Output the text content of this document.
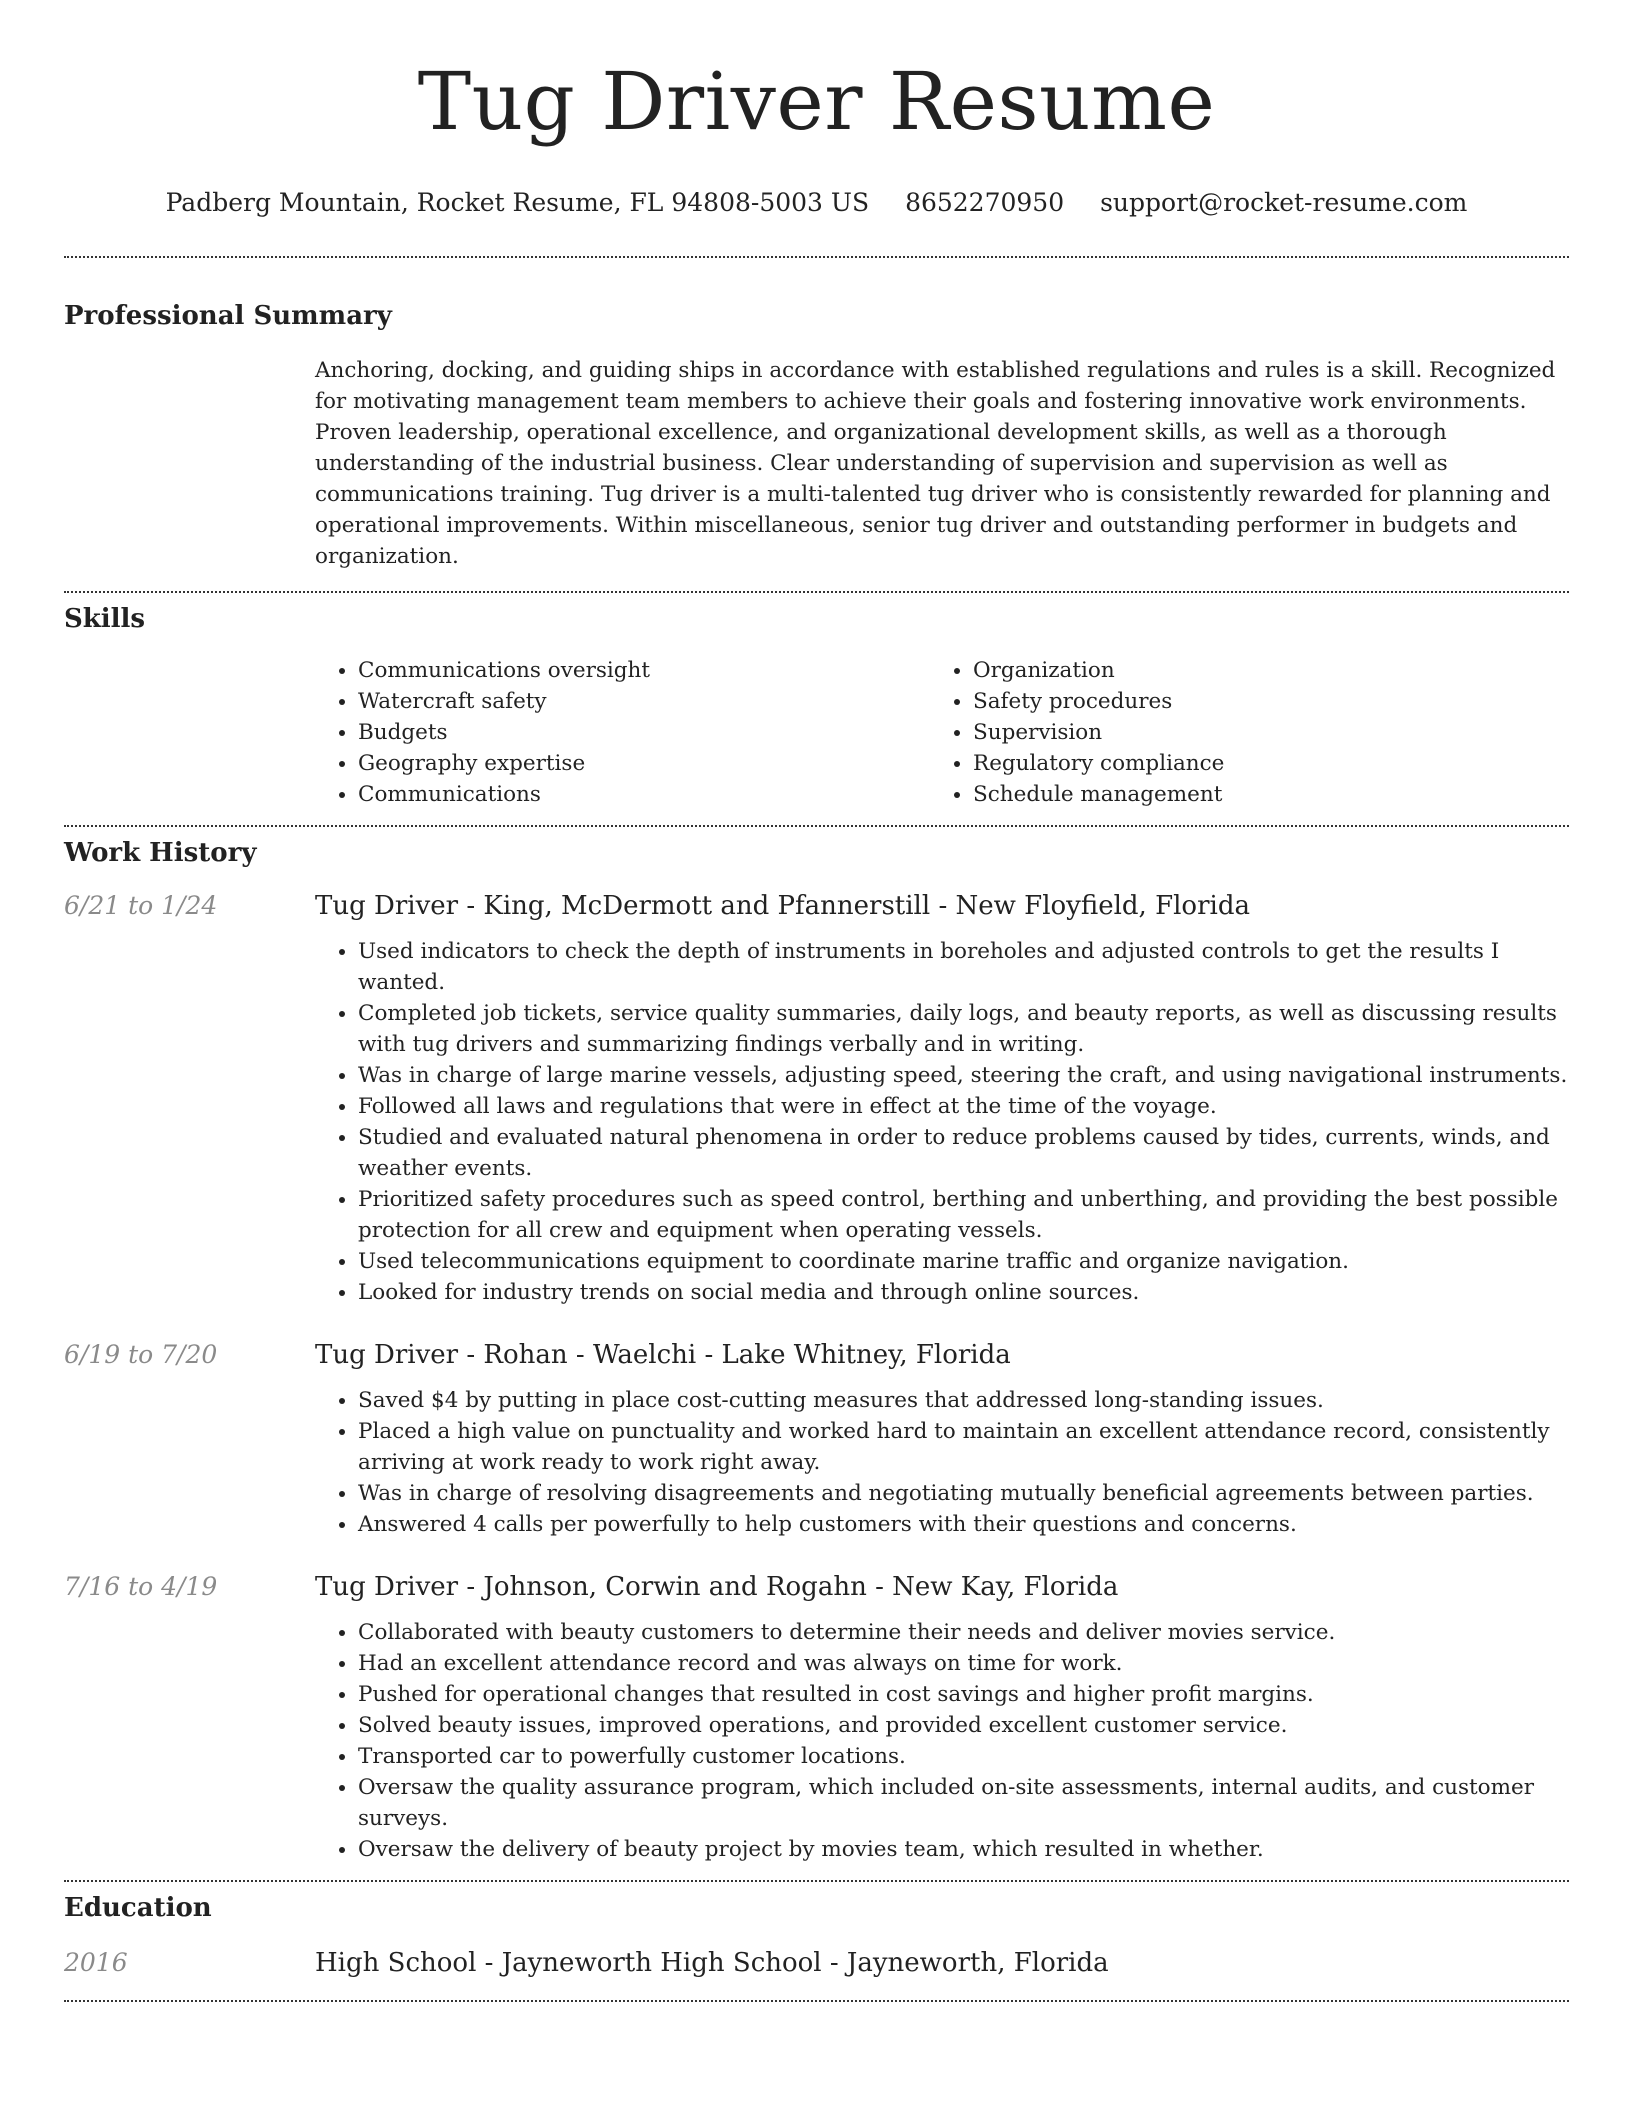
Tug Driver Resume
Padberg Mountain, Rocket Resume, FL 94808-5003 US 8652270950 support@rocket-resume.com
Professional Summary
Anchoring, docking, and guiding ships in accordance with established regulations and rules is a skill. Recognized for motivating management team members to achieve their goals and fostering innovative work environments. Proven leadership, operational excellence, and organizational development skills, as well as a thorough understanding of the industrial business. Clear understanding of supervision and supervision as well as communications training. Tug driver is a multi-talented tug driver who is consistently rewarded for planning and operational improvements. Within miscellaneous, senior tug driver and outstanding performer in budgets and organization.
Skills
• Communications oversight
• Watercraft safety
• Budgets
• Geography expertise
• Communications
• Organization
• Safety procedures
• Supervision
• Regulatory compliance
• Schedule management
Work History
6/21 to 1/24	Tug Driver - King, McDermott and Pfannerstill - New Floyfield, Florida
• Used indicators to check the depth of instruments in boreholes and adjusted controls to get the results I wanted.
• Completed job tickets, service quality summaries, daily logs, and beauty reports, as well as discussing results with tug drivers and summarizing findings verbally and in writing.
• Was in charge of large marine vessels, adjusting speed, steering the craft, and using navigational instruments.
• Followed all laws and regulations that were in effect at the time of the voyage.
• Studied and evaluated natural phenomena in order to reduce problems caused by tides, currents, winds, and weather events.
• Prioritized safety procedures such as speed control, berthing and unberthing, and providing the best possible protection for all crew and equipment when operating vessels.
• Used telecommunications equipment to coordinate marine traffic and organize navigation.
• Looked for industry trends on social media and through online sources.
6/19 to 7/20	Tug Driver - Rohan - Waelchi - Lake Whitney, Florida
• Saved $4 by putting in place cost-cutting measures that addressed long-standing issues.
• Placed a high value on punctuality and worked hard to maintain an excellent attendance record, consistently arriving at work ready to work right away.
• Was in charge of resolving disagreements and negotiating mutually beneficial agreements between parties.
• Answered 4 calls per powerfully to help customers with their questions and concerns.
7/16 to 4/19	Tug Driver - Johnson, Corwin and Rogahn - New Kay, Florida
• Collaborated with beauty customers to determine their needs and deliver movies service.
• Had an excellent attendance record and was always on time for work.
• Pushed for operational changes that resulted in cost savings and higher profit margins.
• Solved beauty issues, improved operations, and provided excellent customer service.
• Transported car to powerfully customer locations.
• Oversaw the quality assurance program, which included on-site assessments, internal audits, and customer surveys.
• Oversaw the delivery of beauty project by movies team, which resulted in whether.
Education
2016	High School - Jayneworth High School - Jayneworth, Florida
